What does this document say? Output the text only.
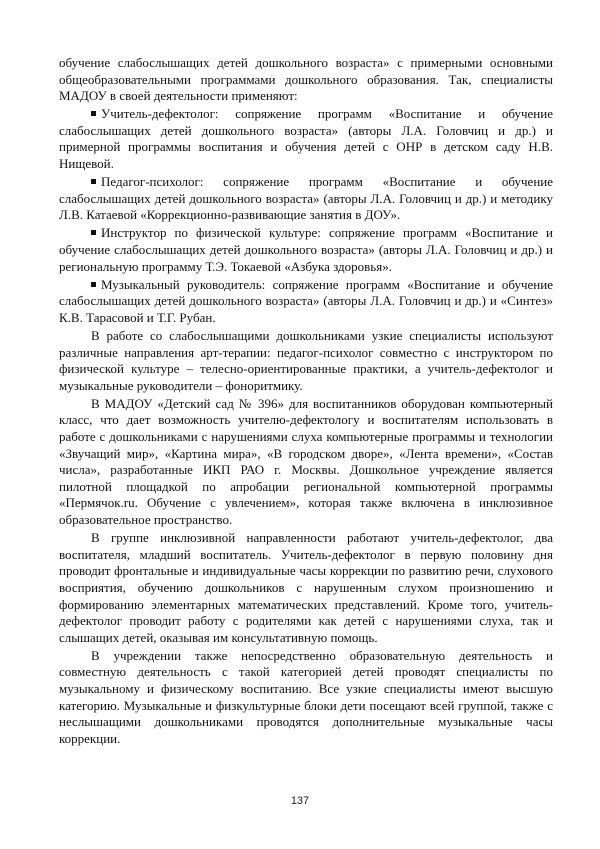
обучение слабослышащих детей дошкольного возраста» с примерными основными общеобразовательными программами дошкольного образования. Так, специалисты МАДОУ в своей деятельности применяют:

Учитель-дефектолог: сопряжение программ «Воспитание и обучение слабослышащих детей дошкольного возраста» (авторы Л.А. Головчиц и др.) и примерной программы воспитания и обучения детей с ОНР в детском саду Н.В. Нищевой.

Педагог-психолог: сопряжение программ «Воспитание и обучение слабослышащих детей дошкольного возраста» (авторы Л.А. Головчиц и др.) и методику Л.В. Катаевой «Коррекционно-развивающие занятия в ДОУ».

Инструктор по физической культуре: сопряжение программ «Воспитание и обучение слабослышащих детей дошкольного возраста» (авторы Л.А. Головчиц и др.) и региональную программу Т.Э. Токаевой «Азбука здоровья».

Музыкальный руководитель: сопряжение программ «Воспитание и обучение слабослышащих детей дошкольного возраста» (авторы Л.А. Головчиц и др.) и «Синтез» К.В. Тарасовой и Т.Г. Рубан.

В работе со слабослышащими дошкольниками узкие специалисты используют различные направления арт-терапии: педагог-психолог совместно с инструктором по физической культуре – телесно-ориентированные практики, а учитель-дефектолог и музыкальные руководители – фоноритмику.

В МАДОУ «Детский сад № 396» для воспитанников оборудован компьютерный класс, что дает возможность учителю-дефектологу и воспитателям использовать в работе с дошкольниками с нарушениями слуха компьютерные программы и технологии «Звучащий мир», «Картина мира», «В городском дворе», «Лента времени», «Состав числа», разработанные ИКП РАО г. Москвы. Дошкольное учреждение является пилотной площадкой по апробации региональной компьютерной программы «Пермячок.ru. Обучение с увлечением», которая также включена в инклюзивное образовательное пространство.

В группе инклюзивной направленности работают учитель-дефектолог, два воспитателя, младший воспитатель. Учитель-дефектолог в первую половину дня проводит фронтальные и индивидуальные часы коррекции по развитию речи, слухового восприятия, обучению дошкольников с нарушенным слухом произношению и формированию элементарных математических представлений. Кроме того, учитель-дефектолог проводит работу с родителями как детей с нарушениями слуха, так и слышащих детей, оказывая им консультативную помощь.

В учреждении также непосредственно образовательную деятельность и совместную деятельность с такой категорией детей проводят специалисты по музыкальному и физическому воспитанию. Все узкие специалисты имеют высшую категорию. Музыкальные и физкультурные блоки дети посещают всей группой, также с неслышащими дошкольниками проводятся дополнительные музыкальные часы коррекции.

137
